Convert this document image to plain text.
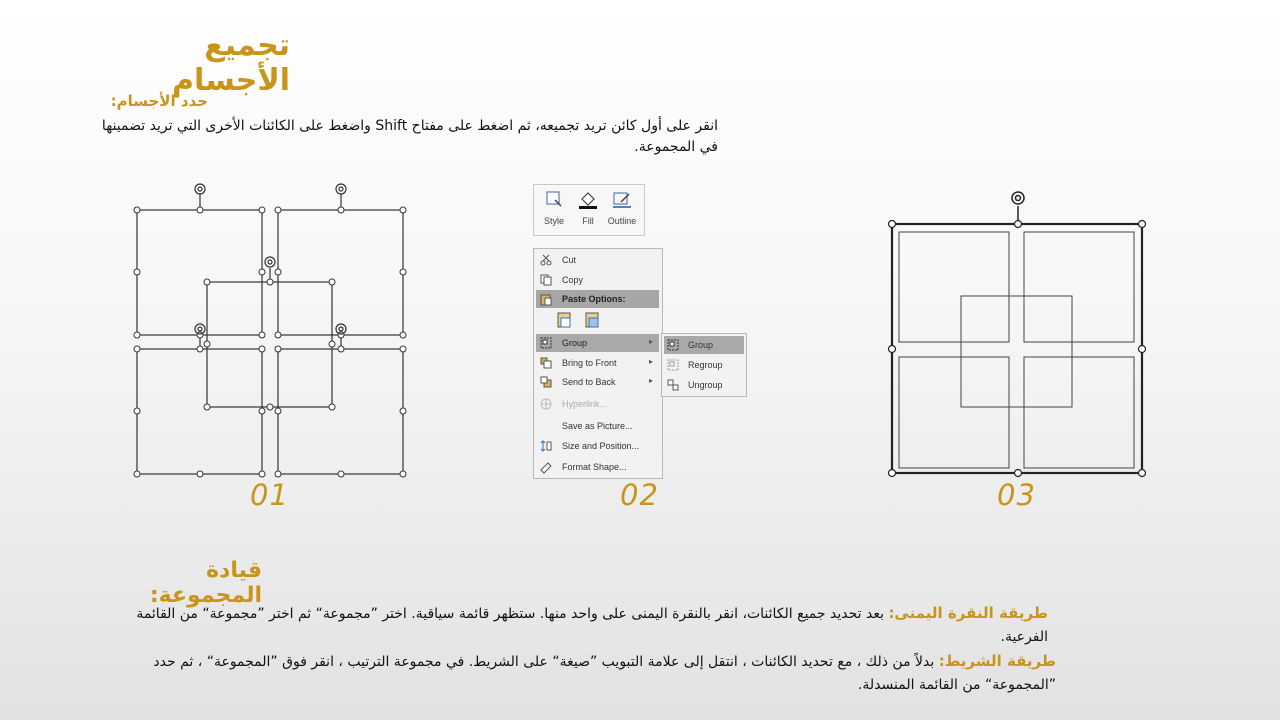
تجميع الأجسام
حدد الأجسام:
انقر على أول كائن تريد تجميعه، ثم اضغط على مفتاح Shift واضغط على الكائنات الأخرى التي تريد تضمينها في المجموعة.
01
Style	Fill	Outline
Cut
Copy
Paste Options:
Group	▸
Bring to Front	▸
Send to Back	▸
Hyperlink...
Save as Picture...
Size and Position...
Format Shape...
Group
Regroup
Ungroup
02	03
قيادة المجموعة:
طريقة النقرة اليمنى: بعد تحديد جميع الكائنات، انقر بالنقرة اليمنى على واحد منها. ستظهر قائمة سياقية. اختر ”مجموعة“ ثم اختر ”مجموعة“ من القائمة الفرعية.
طريقة الشريط: بدلاً من ذلك ، مع تحديد الكائنات ، انتقل إلى علامة التبويب ”صيغة“ على الشريط. في مجموعة الترتيب ، انقر فوق ”المجموعة“ ، ثم حدد ”المجموعة“ من القائمة المنسدلة.
